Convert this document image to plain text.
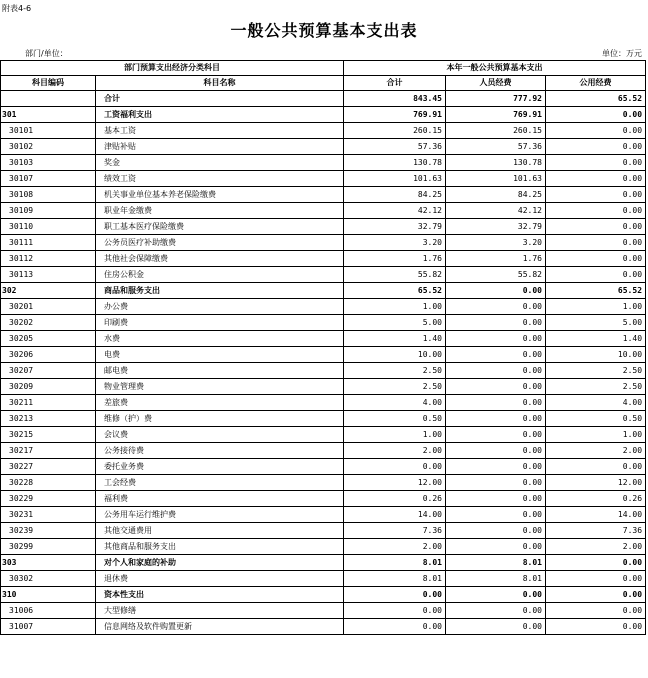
附表4-6
一般公共预算基本支出表
部门/单位：	单位：万元
部门预算支出经济分类科目		本年一般公共预算基本支出		
科目编码	科目名称	合计	人员经费	公用经费
	合计	843.45	777.92	65.52
301	工资福利支出	769.91	769.91	0.00
30101	基本工资	260.15	260.15	0.00
30102	津贴补贴	57.36	57.36	0.00
30103	奖金	130.78	130.78	0.00
30107	绩效工资	101.63	101.63	0.00
30108	机关事业单位基本养老保险缴费	84.25	84.25	0.00
30109	职业年金缴费	42.12	42.12	0.00
30110	职工基本医疗保险缴费	32.79	32.79	0.00
30111	公务员医疗补助缴费	3.20	3.20	0.00
30112	其他社会保障缴费	1.76	1.76	0.00
30113	住房公积金	55.82	55.82	0.00
302	商品和服务支出	65.52	0.00	65.52
30201	办公费	1.00	0.00	1.00
30202	印刷费	5.00	0.00	5.00
30205	水费	1.40	0.00	1.40
30206	电费	10.00	0.00	10.00
30207	邮电费	2.50	0.00	2.50
30209	物业管理费	2.50	0.00	2.50
30211	差旅费	4.00	0.00	4.00
30213	维修（护）费	0.50	0.00	0.50
30215	会议费	1.00	0.00	1.00
30217	公务接待费	2.00	0.00	2.00
30227	委托业务费	0.00	0.00	0.00
30228	工会经费	12.00	0.00	12.00
30229	福利费	0.26	0.00	0.26
30231	公务用车运行维护费	14.00	0.00	14.00
30239	其他交通费用	7.36	0.00	7.36
30299	其他商品和服务支出	2.00	0.00	2.00
303	对个人和家庭的补助	8.01	8.01	0.00
30302	退休费	8.01	8.01	0.00
310	资本性支出	0.00	0.00	0.00
31006	大型修缮	0.00	0.00	0.00
31007	信息网络及软件购置更新	0.00	0.00	0.00
